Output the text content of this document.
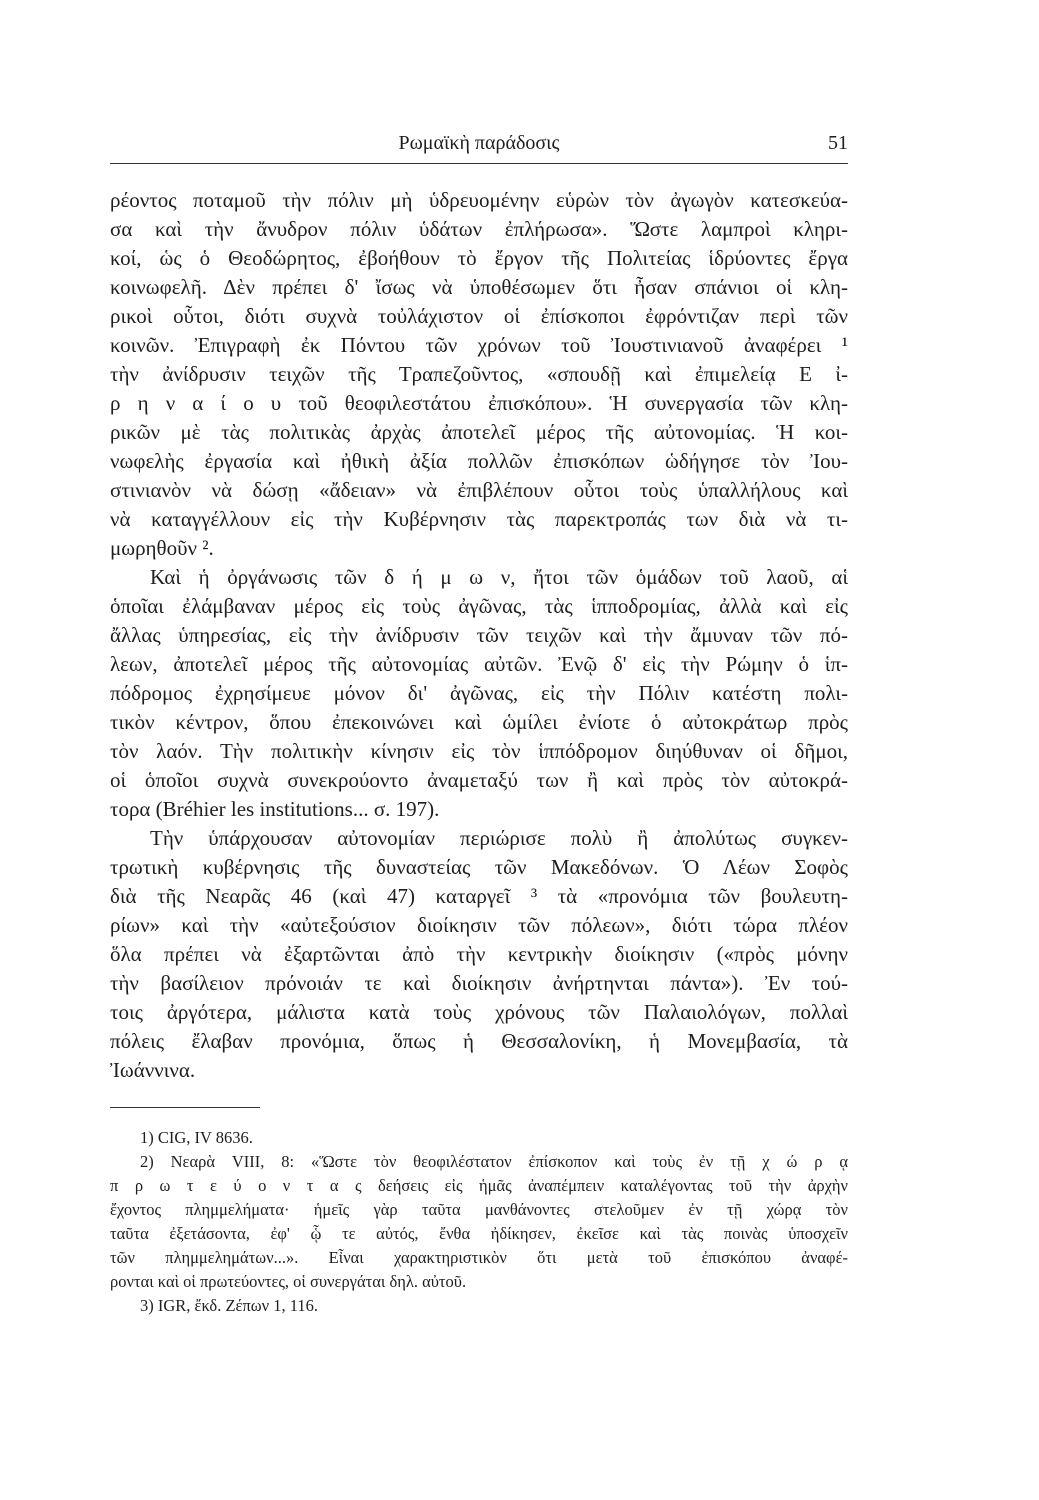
Ρωμαϊκὴ παράδοσις	51
ρέοντος ποταμοῦ τὴν πόλιν μὴ ὑδρευομένην εὑρὼν τὸν ἀγωγὸν κατεσκεύα-
σα καὶ τὴν ἄνυδρον πόλιν ὑδάτων ἐπλήρωσα». Ὥστε λαμπροὶ κληρι-
κοί, ὡς ὁ Θεοδώρητος, ἐβοήθουν τὸ ἔργον τῆς Πολιτείας ἱδρύοντες ἔργα
κοινωφελῆ. Δὲν πρέπει δ' ἴσως νὰ ὑποθέσωμεν ὅτι ἦσαν σπάνιοι οἱ κλη-
ρικοὶ οὗτοι, διότι συχνὰ τοὐλάχιστον οἱ ἐπίσκοποι ἐφρόντιζαν περὶ τῶν
κοινῶν. Ἐπιγραφὴ ἐκ Πόντου τῶν χρόνων τοῦ Ἰουστινιανοῦ ἀναφέρει ¹
τὴν ἀνίδρυσιν τειχῶν τῆς Τραπεζοῦντος, «σπουδῇ καὶ ἐπιμελείᾳ Ε ἰ-
ρ η ν α ί ο υ τοῦ θεοφιλεστάτου ἐπισκόπου». Ἡ συνεργασία τῶν κλη-
ρικῶν μὲ τὰς πολιτικὰς ἀρχὰς ἀποτελεῖ μέρος τῆς αὐτονομίας. Ἡ κοι-
νωφελὴς ἐργασία καὶ ἠθικὴ ἀξία πολλῶν ἐπισκόπων ὡδήγησε τὸν Ἰου-
στινιανὸν νὰ δώσῃ «ἄδειαν» νὰ ἐπιβλέπουν οὗτοι τοὺς ὑπαλλήλους καὶ
νὰ καταγγέλλουν εἰς τὴν Κυβέρνησιν τὰς παρεκτροπάς των διὰ νὰ τι-
μωρηθοῦν ².
Καὶ ἡ ὀργάνωσις τῶν δ ή μ ω ν, ἤτοι τῶν ὁμάδων τοῦ λαοῦ, αἱ
ὁποῖαι ἐλάμβαναν μέρος εἰς τοὺς ἀγῶνας, τὰς ἱπποδρομίας, ἀλλὰ καὶ εἰς
ἄλλας ὑπηρεσίας, εἰς τὴν ἀνίδρυσιν τῶν τειχῶν καὶ τὴν ἄμυναν τῶν πό-
λεων, ἀποτελεῖ μέρος τῆς αὐτονομίας αὐτῶν. Ἐνῷ δ' εἰς τὴν Ρώμην ὁ ἱπ-
πόδρομος ἐχρησίμευε μόνον δι' ἀγῶνας, εἰς τὴν Πόλιν κατέστη πολι-
τικὸν κέντρον, ὅπου ἐπεκοινώνει καὶ ὡμίλει ἐνίοτε ὁ αὐτοκράτωρ πρὸς
τὸν λαόν. Τὴν πολιτικὴν κίνησιν εἰς τὸν ἱππόδρομον διηύθυναν οἱ δῆμοι,
οἱ ὁποῖοι συχνὰ συνεκρούοντο ἀναμεταξύ των ἢ καὶ πρὸς τὸν αὐτοκρά-
τορα (Bréhier les institutions... σ. 197).
Τὴν ὑπάρχουσαν αὐτονομίαν περιώρισε πολὺ ἢ ἀπολύτως συγκεν-
τρωτικὴ κυβέρνησις τῆς δυναστείας τῶν Μακεδόνων. Ὁ Λέων Σοφὸς
διὰ τῆς Νεαρᾶς 46 (καὶ 47) καταργεῖ ³ τὰ «προνόμια τῶν βουλευτη-
ρίων» καὶ τὴν «αὐτεξούσιον διοίκησιν τῶν πόλεων», διότι τώρα πλέον
ὅλα πρέπει νὰ ἐξαρτῶνται ἀπὸ τὴν κεντρικὴν διοίκησιν («πρὸς μόνην
τὴν βασίλειον πρόνοιάν τε καὶ διοίκησιν ἀνήρτηνται πάντα»). Ἐν τού-
τοις ἀργότερα, μάλιστα κατὰ τοὺς χρόνους τῶν Παλαιολόγων, πολλαὶ
πόλεις ἔλαβαν προνόμια, ὅπως ἡ Θεσσαλονίκη, ἡ Μονεμβασία, τὰ
Ἰωάννινα.
1) CIG, IV 8636.
2) Νεαρὰ VIII, 8: «Ὥστε τὸν θεοφιλέστατον ἐπίσκοπον καὶ τοὺς ἐν τῇ χ ώ ρ ᾳ
π ρ ω τ ε ύ ο ν τ α ς δεήσεις εἰς ἡμᾶς ἀναπέμπειν καταλέγοντας τοῦ τὴν ἀρχὴν
ἔχοντος πλημμελήματα· ἡμεῖς γὰρ ταῦτα μανθάνοντες στελοῦμεν ἐν τῇ χώρᾳ τὸν
ταῦτα ἐξετάσοντα, ἐφ' ᾧ τε αὐτός, ἔνθα ἠδίκησεν, ἐκεῖσε καὶ τὰς ποινὰς ὑποσχεῖν
τῶν πλημμελημάτων...». Εἶναι χαρακτηριστικὸν ὅτι μετὰ τοῦ ἐπισκόπου ἀναφέ-
ρονται καὶ οἱ πρωτεύοντες, οἱ συνεργάται δηλ. αὐτοῦ.
3) IGR, ἔκδ. Ζέπων 1, 116.
